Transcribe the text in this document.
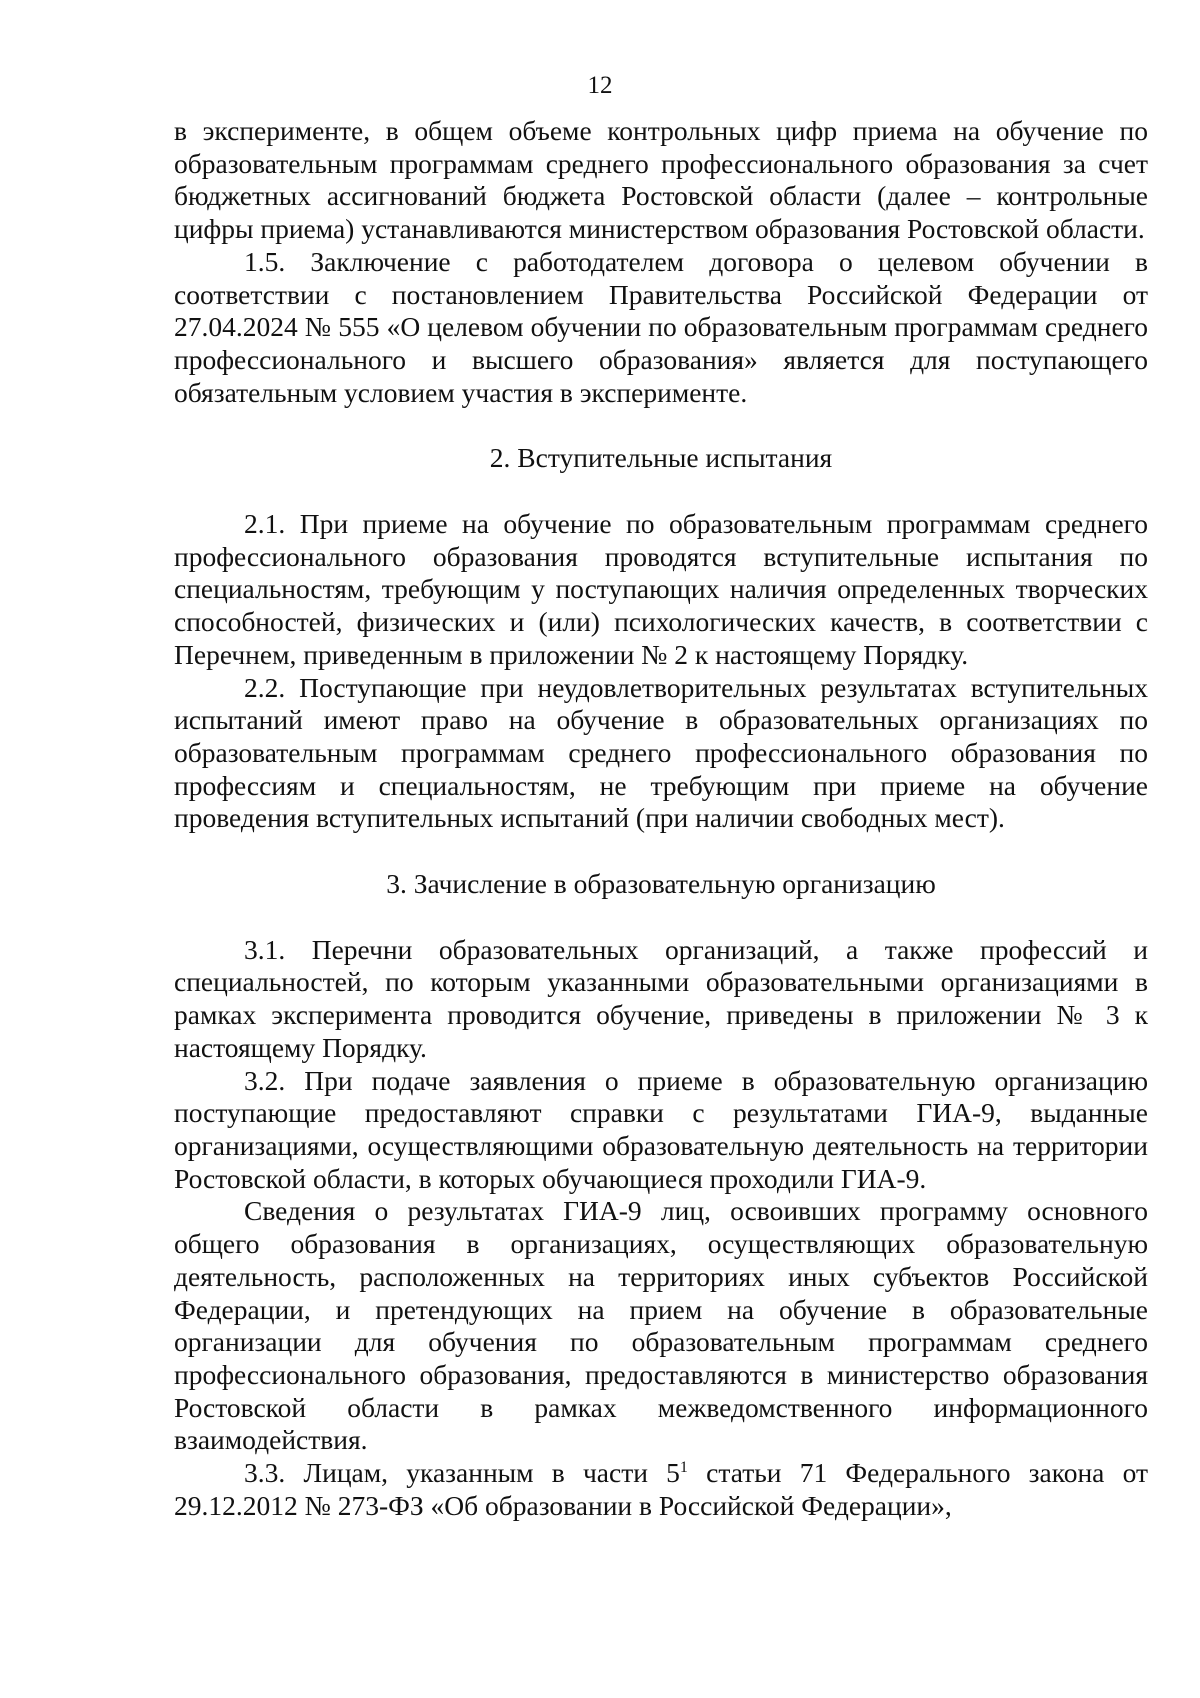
12

в эксперименте, в общем объеме контрольных цифр приема на обучение по образовательным программам среднего профессионального образования за счет бюджетных ассигнований бюджета Ростовской области (далее – контрольные цифры приема) устанавливаются министерством образования Ростовской области.

1.5. Заключение с работодателем договора о целевом обучении в соответствии с постановлением Правительства Российской Федерации от 27.04.2024 № 555 «О целевом обучении по образовательным программам среднего профессионального и высшего образования» является для поступающего обязательным условием участия в эксперименте.

2. Вступительные испытания

2.1. При приеме на обучение по образовательным программам среднего профессионального образования проводятся вступительные испытания по специальностям, требующим у поступающих наличия определенных творческих способностей, физических и (или) психологических качеств, в соответствии с Перечнем, приведенным в приложении № 2 к настоящему Порядку.

2.2. Поступающие при неудовлетворительных результатах вступительных испытаний имеют право на обучение в образовательных организациях по образовательным программам среднего профессионального образования по профессиям и специальностям, не требующим при приеме на обучение проведения вступительных испытаний (при наличии свободных мест).

3. Зачисление в образовательную организацию

3.1. Перечни образовательных организаций, а также профессий и специальностей, по которым указанными образовательными организациями в рамках эксперимента проводится обучение, приведены в приложении № 3 к настоящему Порядку.

3.2. При подаче заявления о приеме в образовательную организацию поступающие предоставляют справки с результатами ГИА-9, выданные организациями, осуществляющими образовательную деятельность на территории Ростовской области, в которых обучающиеся проходили ГИА-9.

Сведения о результатах ГИА-9 лиц, освоивших программу основного общего образования в организациях, осуществляющих образовательную деятельность, расположенных на территориях иных субъектов Российской Федерации, и претендующих на прием на обучение в образовательные организации для обучения по образовательным программам среднего профессионального образования, предоставляются в министерство образования Ростовской области в рамках межведомственного информационного взаимодействия.

3.3. Лицам, указанным в части $5^1$ статьи 71 Федерального закона от 29.12.2012 № 273-ФЗ «Об образовании в Российской Федерации»,
